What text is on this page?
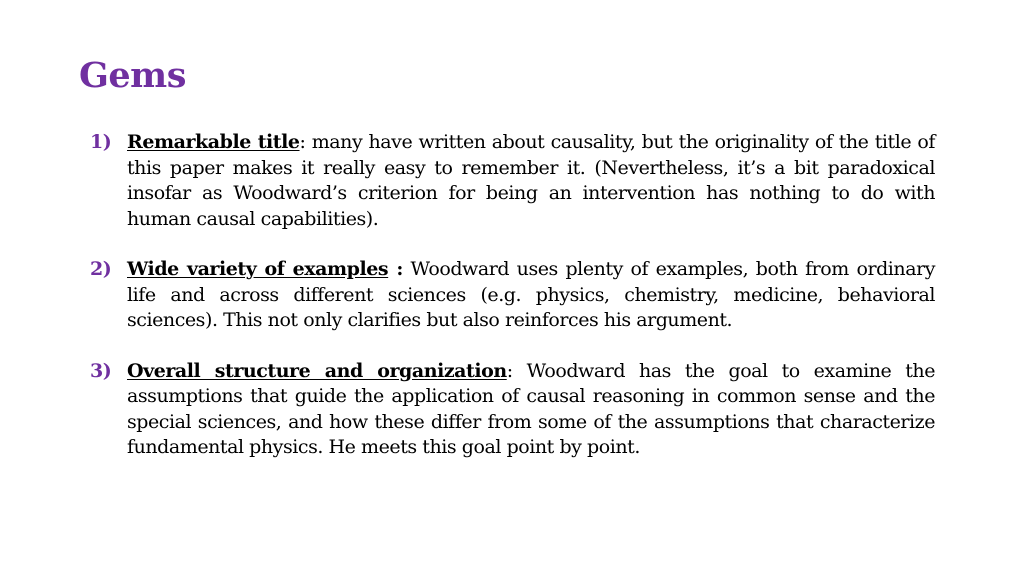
Gems
1) Remarkable title: many have written about causality, but the originality of the title of this paper makes it really easy to remember it. (Nevertheless, it’s a bit paradoxical insofar as Woodward’s criterion for being an intervention has nothing to do with human causal capabilities).
2) Wide variety of examples : Woodward uses plenty of examples, both from ordinary life and across different sciences (e.g. physics, chemistry, medicine, behavioral sciences). This not only clarifies but also reinforces his argument.
3) Overall structure and organization: Woodward has the goal to examine the assumptions that guide the application of causal reasoning in common sense and the special sciences, and how these differ from some of the assumptions that characterize fundamental physics. He meets this goal point by point.
